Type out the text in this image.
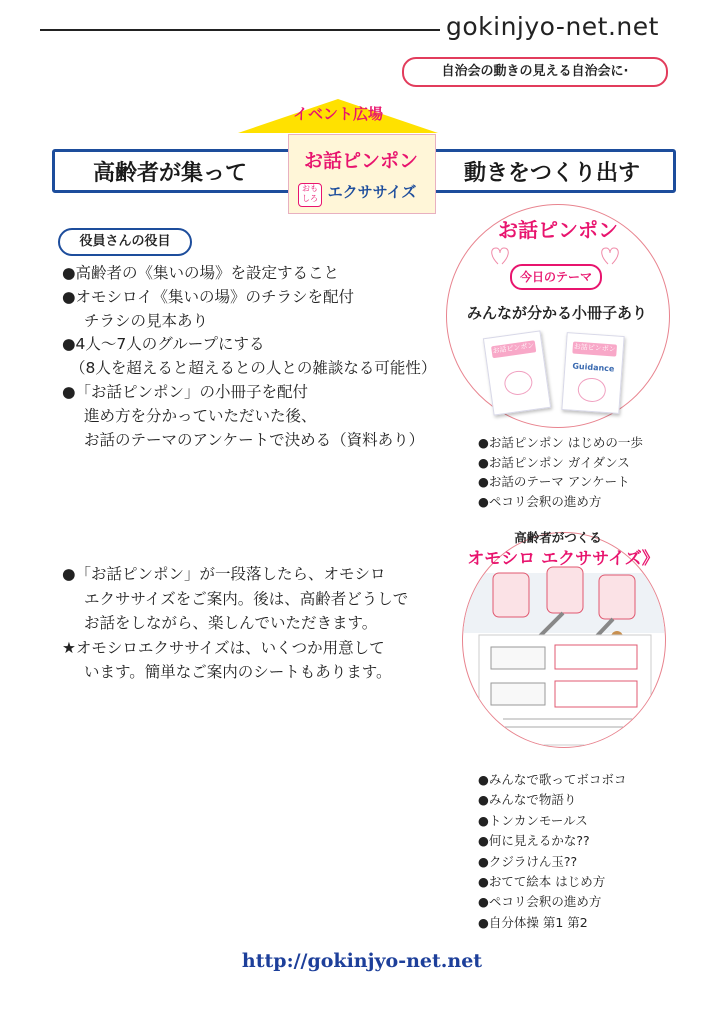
gokinjyo-net.net
自治会の動きの見える自治会に·
イベント広場
高齢者が集って	動きをつくり出す
お話ピンポン
おもしろ エクササイズ
役員さんの役目
●高齢者の《集いの場》を設定すること
●オモシロイ《集いの場》のチラシを配付
チラシの見本あり
●4人～7人のグループにする
（8人を超えると超えるとの人との雑談なる可能性）
●「お話ピンポン」の小冊子を配付
進め方を分かっていただいた後、
お話のテーマのアンケートで決める（資料あり）
●「お話ピンポン」が一段落したら、オモシロ
エクササイズをご案内。後は、高齢者どうしで
お話をしながら、楽しんでいただきます。
★オモシロエクササイズは、いくつか用意して
います。簡単なご案内のシートもあります。
お話ピンポン
今日のテーマ
みんなが分かる小冊子あり
お話ピンポン	お話ピンポン
Guidance
●お話ピンポン はじめの一歩
●お話ピンポン ガイダンス
●お話のテーマ アンケート
●ペコリ会釈の進め方
高齢者がつくる
オモシロ エクササイズ》
●みんなで歌ってボコボコ
●みんなで物語り
●トンカンモールス
●何に見えるかな??
●クジラけん玉??
●おてて絵本 はじめ方
●ペコリ会釈の進め方
●自分体操 第1 第2
http://gokinjyo-net.net
